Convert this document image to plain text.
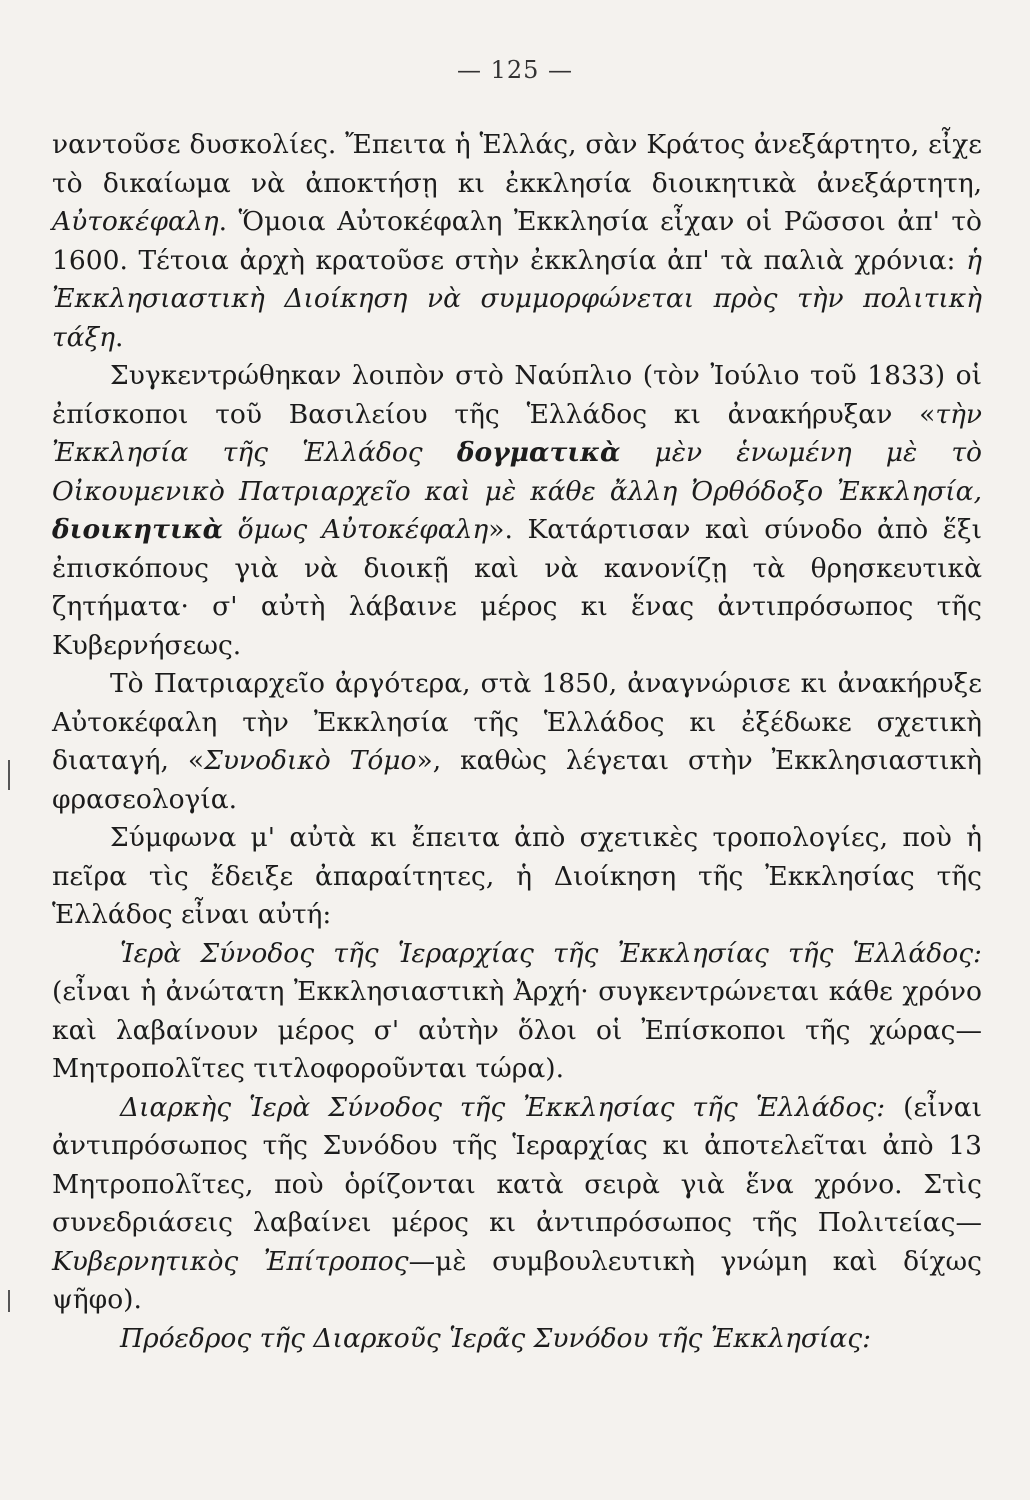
— 125 —

ναντοῦσε δυσκολίες. Ἔπειτα ἡ Ἑλλάς, σὰν Κράτος ἀνεξάρτητο, εἶχε τὸ δικαίωμα νὰ ἀποκτήσῃ κι ἐκκλησία διοικητικὰ ἀνεξάρτητη, Αὐτοκέφαλη. Ὅμοια Αὐτοκέφαλη Ἐκκλησία εἶχαν οἱ Ρῶσσοι ἀπ' τὸ 1600. Τέτοια ἀρχὴ κρατοῦσε στὴν ἐκκλησία ἀπ' τὰ παλιὰ χρόνια: ἡ Ἐκκλησιαστικὴ Διοίκηση νὰ συμμορφώνεται πρὸς τὴν πολιτικὴ τάξη.

Συγκεντρώθηκαν λοιπὸν στὸ Ναύπλιο (τὸν Ἰούλιο τοῦ 1833) οἱ ἐπίσκοποι τοῦ Βασιλείου τῆς Ἑλλάδος κι ἀνακήρυξαν «τὴν Ἐκκλησία τῆς Ἑλλάδος δογματικὰ μὲν ἑνωμένη μὲ τὸ Οἰκουμενικὸ Πατριαρχεῖο καὶ μὲ κάθε ἄλλη Ὀρθόδοξο Ἐκκλησία, διοικητικὰ ὅμως Αὐτοκέφαλη». Κατάρτισαν καὶ σύνοδο ἀπὸ ἕξι ἐπισκόπους γιὰ νὰ διοικῇ καὶ νὰ κανονίζῃ τὰ θρησκευτικὰ ζητήματα· σ' αὐτὴ λάβαινε μέρος κι ἕνας ἀντιπρόσωπος τῆς Κυβερνήσεως.

Τὸ Πατριαρχεῖο ἀργότερα, στὰ 1850, ἀναγνώρισε κι ἀνακήρυξε Αὐτοκέφαλη τὴν Ἐκκλησία τῆς Ἑλλάδος κι ἐξέδωκε σχετικὴ διαταγή, «Συνοδικὸ Τόμο», καθὼς λέγεται στὴν Ἐκκλησιαστικὴ φρασεολογία.

Σύμφωνα μ' αὐτὰ κι ἔπειτα ἀπὸ σχετικὲς τροπολογίες, ποὺ ἡ πεῖρα τὶς ἔδειξε ἀπαραίτητες, ἡ Διοίκηση τῆς Ἐκκλησίας τῆς Ἑλλάδος εἶναι αὐτή:

Ἱερὰ Σύνοδος τῆς Ἱεραρχίας τῆς Ἐκκλησίας τῆς Ἑλλάδος: (εἶναι ἡ ἀνώτατη Ἐκκλησιαστικὴ Ἀρχή· συγκεντρώνεται κάθε χρόνο καὶ λαβαίνουν μέρος σ' αὐτὴν ὅλοι οἱ Ἐπίσκοποι τῆς χώρας—Μητροπολῖτες τιτλοφοροῦνται τώρα).

Διαρκὴς Ἱερὰ Σύνοδος τῆς Ἐκκλησίας τῆς Ἑλλάδος: (εἶναι ἀντιπρόσωπος τῆς Συνόδου τῆς Ἱεραρχίας κι ἀποτελεῖται ἀπὸ 13 Μητροπολῖτες, ποὺ ὁρίζονται κατὰ σειρὰ γιὰ ἕνα χρόνο. Στὶς συνεδριάσεις λαβαίνει μέρος κι ἀντιπρόσωπος τῆς Πολιτείας—Κυβερνητικὸς Ἐπίτροπος—μὲ συμβουλευτικὴ γνώμη καὶ δίχως ψῆφο).

Πρόεδρος τῆς Διαρκοῦς Ἱερᾶς Συνόδου τῆς Ἐκκλησίας:
